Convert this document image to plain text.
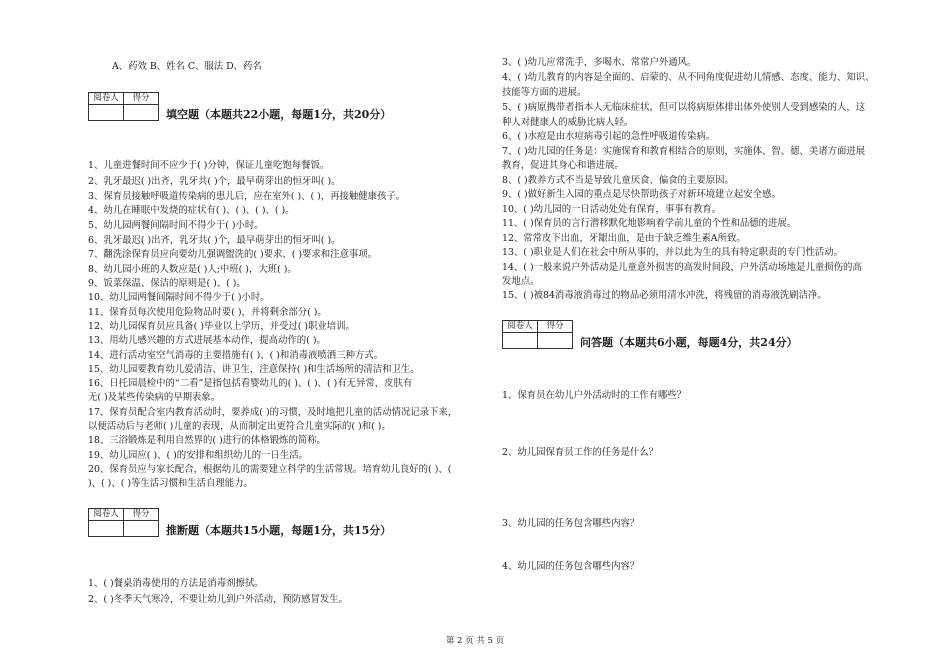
A、药效 B、姓名 C、服法 D、药名
阅卷人	得分

填空题（本题共22小题，每题1分，共20分）
1、儿童进餐时间不应少于( )分钟，保证儿童吃饱每餐饭。
2、乳牙最迟( )出齐，乳牙共( )个，最早萌芽出的恒牙叫( )。
3、保育员接触呼吸道传染病的患儿后，应在室外( )、( )，再接触健康孩子。
4、幼儿在睡眠中发烧的症状有( )、( )、( )、( )。
5、幼儿园两餐间隔时间不得少于( )小时。
6、乳牙最迟( )出齐，乳牙共( )个，最早萌芽出的恒牙叫( )。
7、翻洗涂保育员应向要幼儿强调盥洗的( )要求、( )要求和注意事项。
8、幼儿园小班的人数应是( )人;中班( )，大班( )。
9、饭菜保温、保洁的原则是( )、( )。
10、幼儿园两餐间隔时间不得少于( )小时。
11、保育员每次使用危险物品时要( )，并将剩余部分( )。
12、幼儿园保育员应具备( )毕业以上学历，并受过( )职业培训。
13、用幼儿感兴趣的方式进展基本动作，提高动作的( )。
14、进行活动室空气消毒的主要措施有( )、( )和消毒液喷洒三种方式。
15、幼儿园要教育幼儿爱清洁、讲卫生，注意保持( )和生活场所的清洁和卫生。
16、日托园晨检中的“二看”是指包括看婴幼儿的( )、( )、( )有无异常，皮肤有
无( )及某些传染病的早期表象。
17、保育员配合室内教育活动时，要养成( )的习惯，及时地把儿童的活动情况记录下来，
以便活动后与老师( )儿童的表现，从而制定出更符合儿童实际的( )和( )。
18、三浴锻炼是利用自然界的( )进行的体格锻炼的简称。
19、幼儿园应( )、( )的安排和组织幼儿的一日生活。
20、保育员应与家长配合，根据幼儿的需要建立科学的生活常规。培育幼儿良好的( )、(
)、( )、( )等生活习惯和生活自理能力。
阅卷人	得分

推断题（本题共15小题，每题1分，共15分）
1、( )餐桌消毒使用的方法是消毒剂擦拭。
2、( )冬季天气寒冷，不要让幼儿到户外活动，预防感冒发生。
3、( )幼儿应常洗手，多喝水、常常户外通风。
4、( )幼儿教育的内容是全面的、启蒙的、从不同角度促进幼儿情感、态度、能力、知识、
技能等方面的进展。
5、( )病原携带者指本人无临床症状，但可以将病原体排出体外使别人受到感染的人，这
种人对健康人的威胁比病人轻。
6、( )水痘是由水痘病毒引起的急性呼吸道传染病。
7、( )幼儿园的任务是：实施保育和教育相结合的原则，实施体、智、德、美诸方面进展
教育，促进其身心和谐进展。
8、( )教养方式不当是导致儿童厌食、偏食的主要原因。
9、( )做好新生入园的重点是尽快帮助孩子对新环境建立起安全感。
10、( )幼儿园的一日活动处处有保育，事事有教育。
11、( )保育员的言行潜移默化地影响着学前儿童的个性和品德的进展。
12、常常皮下出血，牙龈出血，是由于缺乏维生素A所致。
13、( )职业是人们在社会中所从事的，并以此为生的具有特定职责的专门性活动。
14、( )一般来说户外活动是儿童意外损害的高发时间段，户外活动场地是儿童损伤的高
发地点。
15、( )被84消毒液消毒过的物品必须用清水冲洗，将残留的消毒液洗刷洁净。
阅卷人	得分

问答题（本题共6小题，每题4分，共24分）
1、保育员在幼儿户外活动时的工作有哪些？
2、幼儿园保育员工作的任务是什么？
3、幼儿园的任务包含哪些内容？
4、幼儿园的任务包含哪些内容？
第 2 页 共 5 页
